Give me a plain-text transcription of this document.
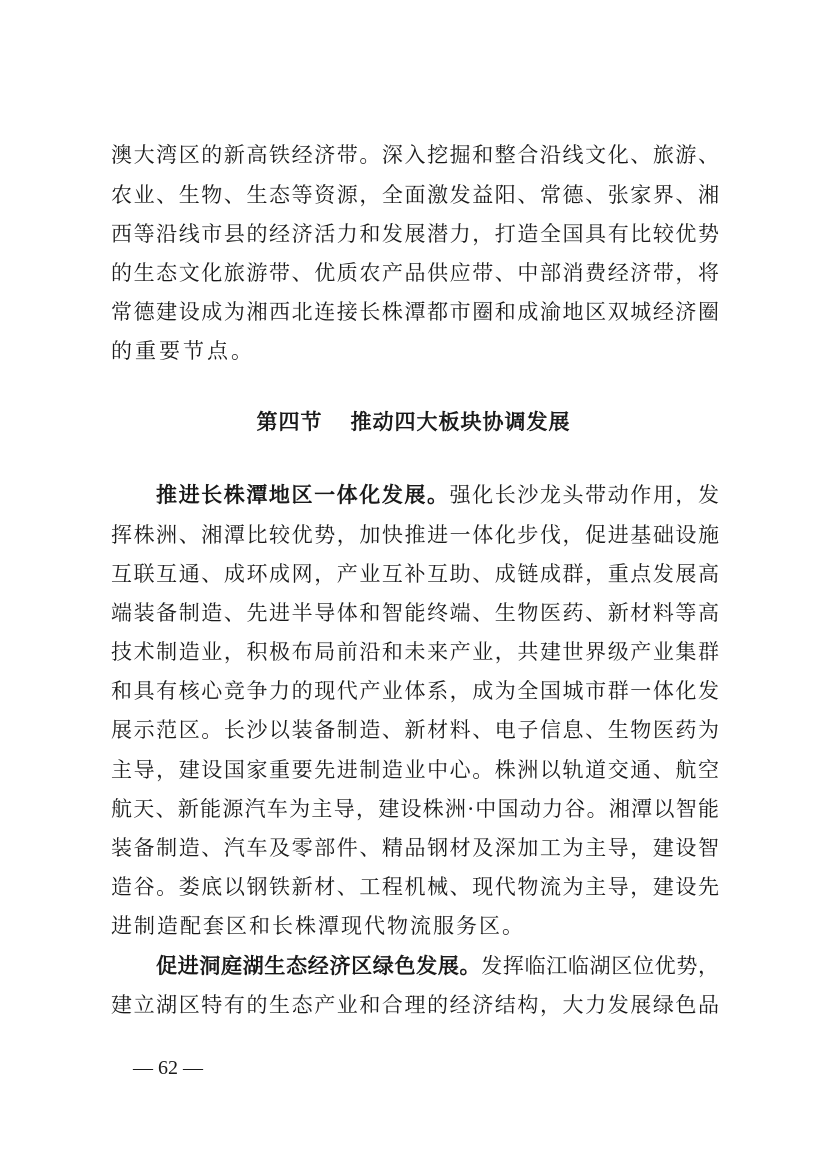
澳大湾区的新高铁经济带。深入挖掘和整合沿线文化、旅游、
农业、生物、生态等资源，全面激发益阳、常德、张家界、湘
西等沿线市县的经济活力和发展潜力，打造全国具有比较优势
的生态文化旅游带、优质农产品供应带、中部消费经济带，将
常德建设成为湘西北连接长株潭都市圈和成渝地区双城经济圈
的重要节点。
第四节 推动四大板块协调发展
推进长株潭地区一体化发展。强化长沙龙头带动作用，发
挥株洲、湘潭比较优势，加快推进一体化步伐，促进基础设施
互联互通、成环成网，产业互补互助、成链成群，重点发展高
端装备制造、先进半导体和智能终端、生物医药、新材料等高
技术制造业，积极布局前沿和未来产业，共建世界级产业集群
和具有核心竞争力的现代产业体系，成为全国城市群一体化发
展示范区。长沙以装备制造、新材料、电子信息、生物医药为
主导，建设国家重要先进制造业中心。株洲以轨道交通、航空
航天、新能源汽车为主导，建设株洲·中国动力谷。湘潭以智能
装备制造、汽车及零部件、精品钢材及深加工为主导，建设智
造谷。娄底以钢铁新材、工程机械、现代物流为主导，建设先
进制造配套区和长株潭现代物流服务区。
促进洞庭湖生态经济区绿色发展。发挥临江临湖区位优势，
建立湖区特有的生态产业和合理的经济结构，大力发展绿色品
— 62 —
